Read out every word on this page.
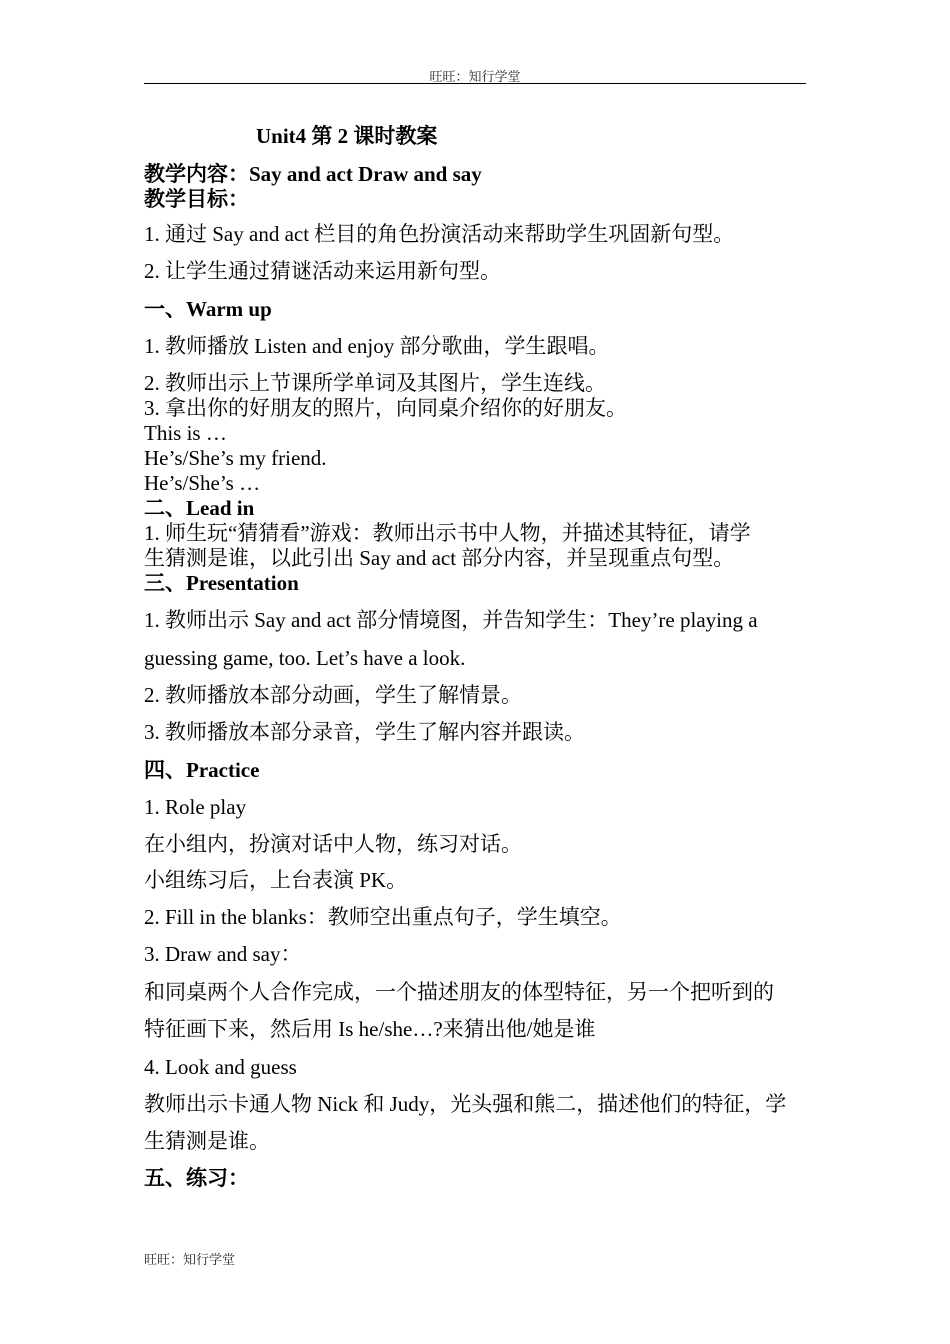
旺旺：知行学堂
Unit4 第 2 课时教案
教学内容：Say and act Draw and say
教学目标：
1. 通过 Say and act 栏目的角色扮演活动来帮助学生巩固新句型。
2. 让学生通过猜谜活动来运用新句型。
一、Warm up
1. 教师播放 Listen and enjoy 部分歌曲，学生跟唱。
2. 教师出示上节课所学单词及其图片，学生连线。
3. 拿出你的好朋友的照片，向同桌介绍你的好朋友。
This is …
He’s/She’s my friend.
He’s/She’s …
二、Lead in
1. 师生玩“猜猜看”游戏：教师出示书中人物，并描述其特征，请学
生猜测是谁，以此引出 Say and act 部分内容，并呈现重点句型。
三、Presentation
1. 教师出示 Say and act 部分情境图，并告知学生：They’re playing a
guessing game, too. Let’s have a look.
2. 教师播放本部分动画，学生了解情景。
3. 教师播放本部分录音，学生了解内容并跟读。
四、Practice
1. Role play
在小组内，扮演对话中人物，练习对话。
小组练习后，上台表演 PK。
2. Fill in the blanks：教师空出重点句子，学生填空。
3. Draw and say：
和同桌两个人合作完成，一个描述朋友的体型特征，另一个把听到的
特征画下来，然后用 Is he/she…?来猜出他/她是谁
4. Look and guess
教师出示卡通人物 Nick 和 Judy，光头强和熊二，描述他们的特征，学
生猜测是谁。
五、练习：
旺旺：知行学堂
